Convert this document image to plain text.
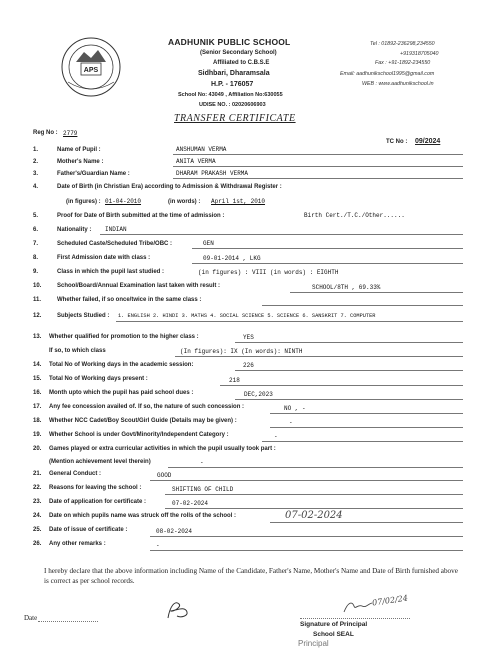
APS
AADHUNIK PUBLIC SCHOOL
(Senior Secondary School)
Affiliated to C.B.S.E
Sidhbari, Dharamsala
H.P. - 176057
School No: 43049 , Affiliation No:630055
UDISE NO. : 02020606903
Tel : 01892-236298,234550
+919318705040
Fax : +91-1892-234550
Email: aadhunikschool1995@gmail.com
WEB : www.aadhunikschool.in
TRANSFER CERTIFICATE
Reg No : 2779
TC No : 09/2024
1.	Name of Pupil :	ANSHUMAN VERMA
2.	Mother's Name :	ANITA VERMA
3.	Father's/Guardian Name :	DHARAM PRAKASH VERMA
4.	Date of Birth (in Christian Era) according to Admission & Withdrawal Register :
(in figures) : 01-04-2010	(in words) : April 1st, 2010
5.	Proof for Date of Birth submitted at the time of admission :	Birth Cert./T.C./Other......
6.	Nationality : INDIAN
7.	Scheduled Caste/Scheduled Tribe/OBC :	GEN
8.	First Admission date with class :	09-01-2014 , LKG
9.	Class in which the pupil last studied :	(in figures) : VIII (in words) : EIGHTH
10.	School/Board/Annual Examination last taken with result :	SCHOOL/8TH , 69.33%
11.	Whether failed, if so once/twice in the same class :
12.	Subjects Studied : 1. ENGLISH 2. HINDI 3. MATHS 4. SOCIAL SCIENCE 5. SCIENCE 6. SANSKRIT 7. COMPUTER
13. Whether qualified for promotion to the higher class :	YES
If so, to which class	(In figures): IX (In words): NINTH
14. Total No of Working days in the academic session:	226
15. Total No of Working days present :	218
16. Month upto which the pupil has paid school dues :	DEC,2023
17. Any fee concession availed of. If so, the nature of such concession :	NO , -
18. Whether NCC Cadet/Boy Scout/Girl Guide (Details may be given) :	-
19. Whether School is under Govt/Minority/Independent Category :	-
20. Games played or extra curricular activities in which the pupil usually took part :
(Mention achievement level therein)	-
21. General Conduct :	GOOD
22. Reasons for leaving the school :	SHIFTING OF CHILD
23. Date of application for certificate :	07-02-2024
24. Date on which pupils name was struck off the rolls of the school :	07-02-2024
25. Date of issue of certificate :	08-02-2024
26. Any other remarks :	-
I hereby declare that the above information including Name of the Candidate, Father's Name, Mother's Name and Date of Birth furnished above is correct as per school records.
Date
07/02/24
Signature of Principal
School SEAL
Principal
